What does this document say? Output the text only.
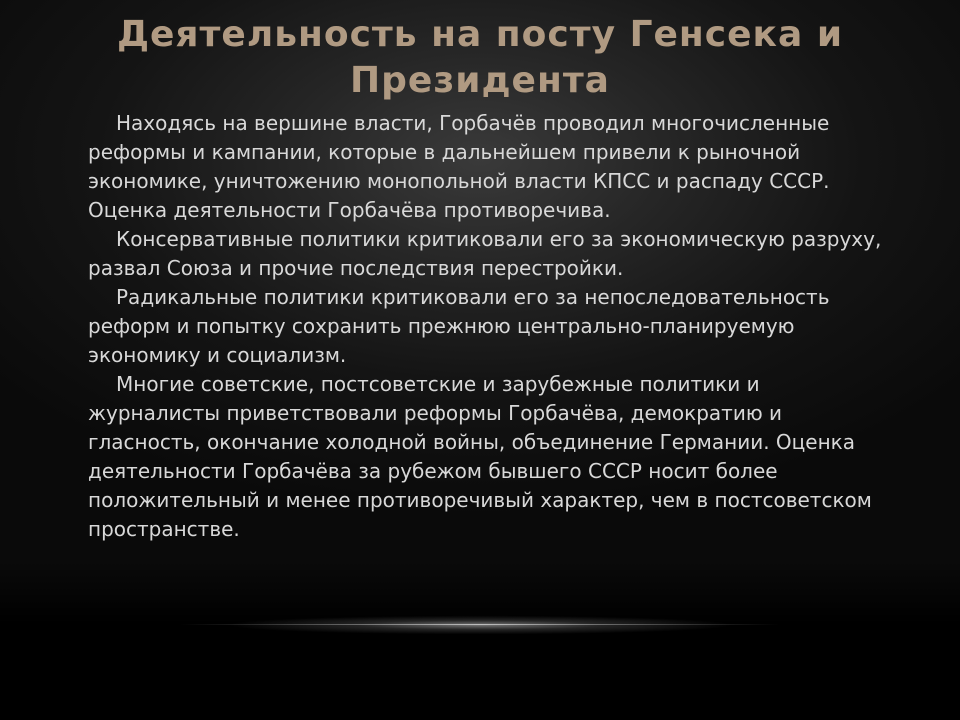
Деятельность на посту Генсека и Президента

Находясь на вершине власти, Горбачёв проводил многочисленные реформы и кампании, которые в дальнейшем привели к рыночной экономике, уничтожению монопольной власти КПСС и распаду СССР. Оценка деятельности Горбачёва противоречива.

Консервативные политики критиковали его за экономическую разруху, развал Союза и прочие последствия перестройки.

Радикальные политики критиковали его за непоследовательность реформ и попытку сохранить прежнюю центрально-планируемую экономику и социализм.

Многие советские, постсоветские и зарубежные политики и журналисты приветствовали реформы Горбачёва, демократию и гласность, окончание холодной войны, объединение Германии. Оценка деятельности Горбачёва за рубежом бывшего СССР носит более положительный и менее противоречивый характер, чем в постсоветском пространстве.
